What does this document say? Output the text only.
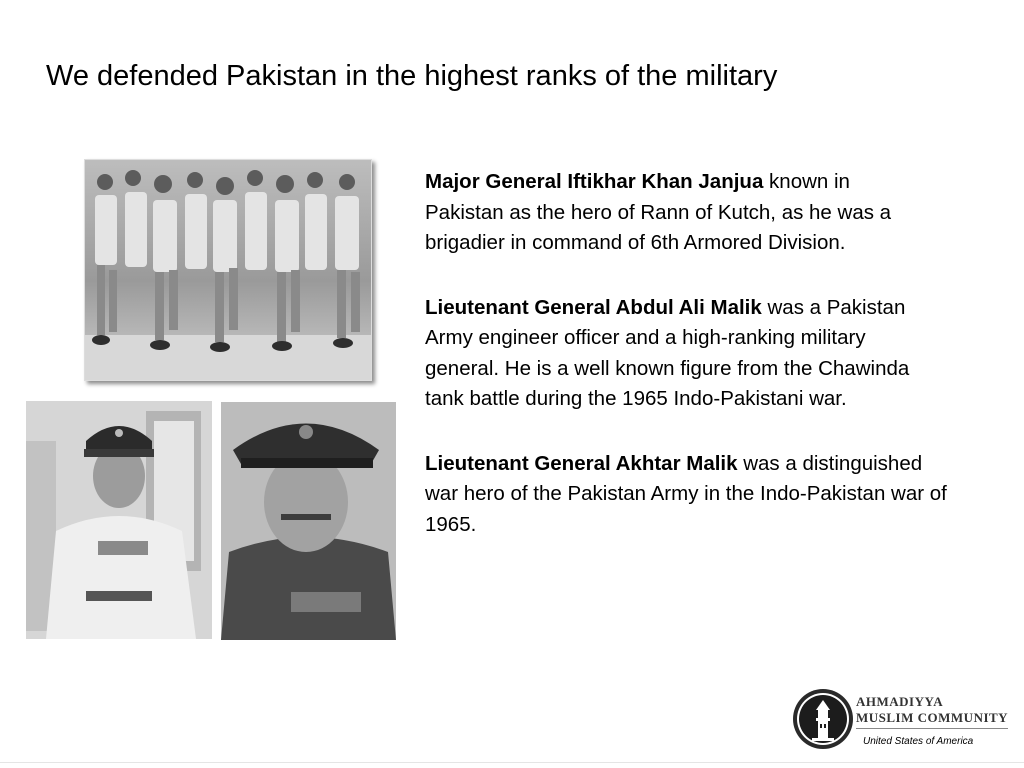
We defended Pakistan in the highest ranks of the military

Major General Iftikhar Khan Janjua known in Pakistan as the hero of Rann of Kutch, as he was a brigadier in command of 6th Armored Division.

Lieutenant General Abdul Ali Malik was a Pakistan Army engineer officer and a high-ranking military general. He is a well known figure from the Chawinda tank battle during the 1965 Indo-Pakistani war.

Lieutenant General Akhtar Malik was a distinguished war hero of the Pakistan Army in the Indo-Pakistan war of 1965.

AHMADIYYA
MUSLIM COMMUNITY
United States of America
